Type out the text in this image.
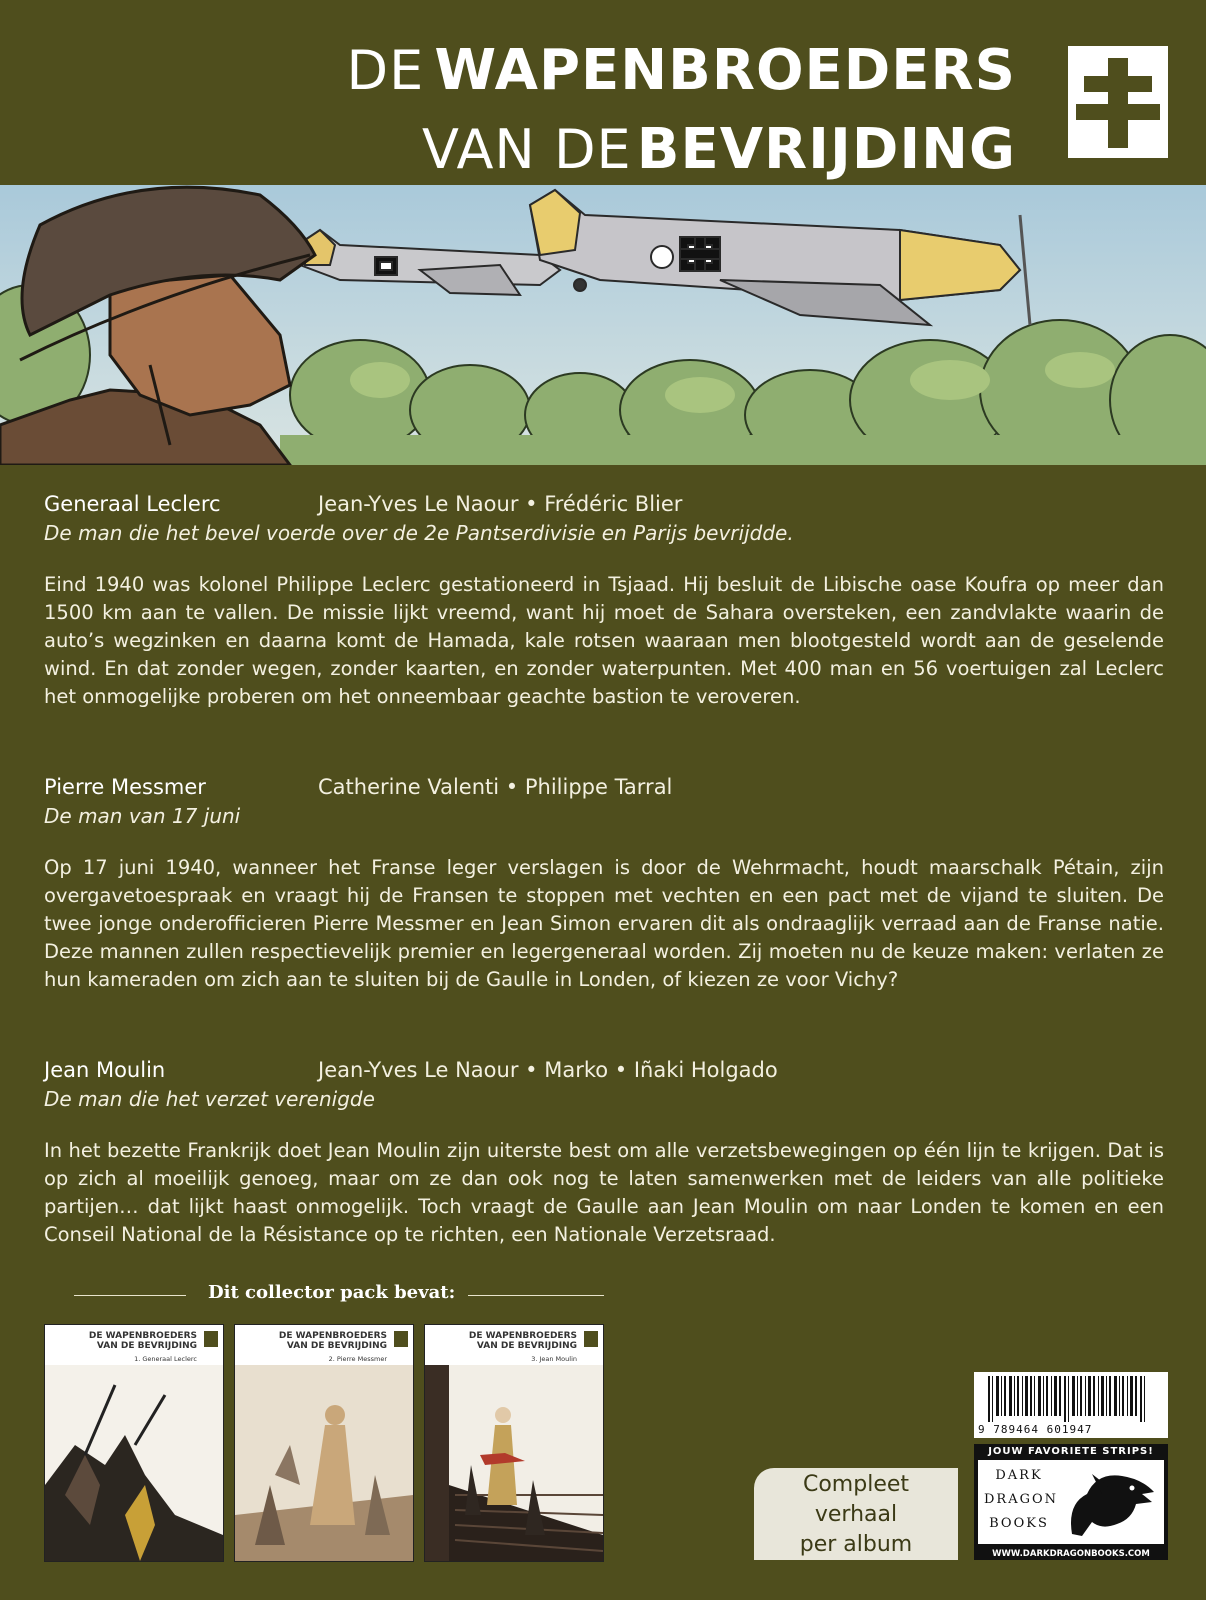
DE WAPENBROEDERS
VAN DE BEVRIJDING
Generaal Leclerc	Jean-Yves Le Naour • Frédéric Blier
De man die het bevel voerde over de 2e Pantserdivisie en Parijs bevrijdde.
Eind 1940 was kolonel Philippe Leclerc gestationeerd in Tsjaad. Hij besluit de Libische oase Koufra op meer dan 1500 km aan te vallen. De missie lijkt vreemd, want hij moet de Sahara oversteken, een zandvlakte waarin de auto’s wegzinken en daarna komt de Hamada, kale rotsen waaraan men blootgesteld wordt aan de geselende wind. En dat zonder wegen, zonder kaarten, en zonder waterpunten. Met 400 man en 56 voertuigen zal Leclerc het onmogelijke proberen om het onneembaar geachte bastion te veroveren.
Pierre Messmer	Catherine Valenti • Philippe Tarral
De man van 17 juni
Op 17 juni 1940, wanneer het Franse leger verslagen is door de Wehrmacht, houdt maarschalk Pétain, zijn overgavetoespraak en vraagt hij de Fransen te stoppen met vechten en een pact met de vijand te sluiten. De twee jonge onderofficieren Pierre Messmer en Jean Simon ervaren dit als ondraaglijk verraad aan de Franse natie. Deze mannen zullen respectievelijk premier en legergeneraal worden. Zij moeten nu de keuze maken: verlaten ze hun kameraden om zich aan te sluiten bij de Gaulle in Londen, of kiezen ze voor Vichy?
Jean Moulin	Jean-Yves Le Naour • Marko • Iñaki Holgado
De man die het verzet verenigde
In het bezette Frankrijk doet Jean Moulin zijn uiterste best om alle verzetsbewegingen op één lijn te krijgen. Dat is op zich al moeilijk genoeg, maar om ze dan ook nog te laten samenwerken met de leiders van alle politieke partijen… dat lijkt haast onmogelijk. Toch vraagt de Gaulle aan Jean Moulin om naar Londen te komen en een Conseil National de la Résistance op te richten, een Nationale Verzetsraad.
Dit collector pack bevat:
DE WAPENBROEDERS
VAN DE BEVRIJDING
1. Generaal Leclerc
DE WAPENBROEDERS
VAN DE BEVRIJDING
2. Pierre Messmer
DE WAPENBROEDERS
VAN DE BEVRIJDING
3. Jean Moulin
Compleet
verhaal
per album
9 789464 601947
JOUW FAVORIETE STRIPS!
DARK
DRAGON
BOOKS
WWW.DARKDRAGONBOOKS.COM
